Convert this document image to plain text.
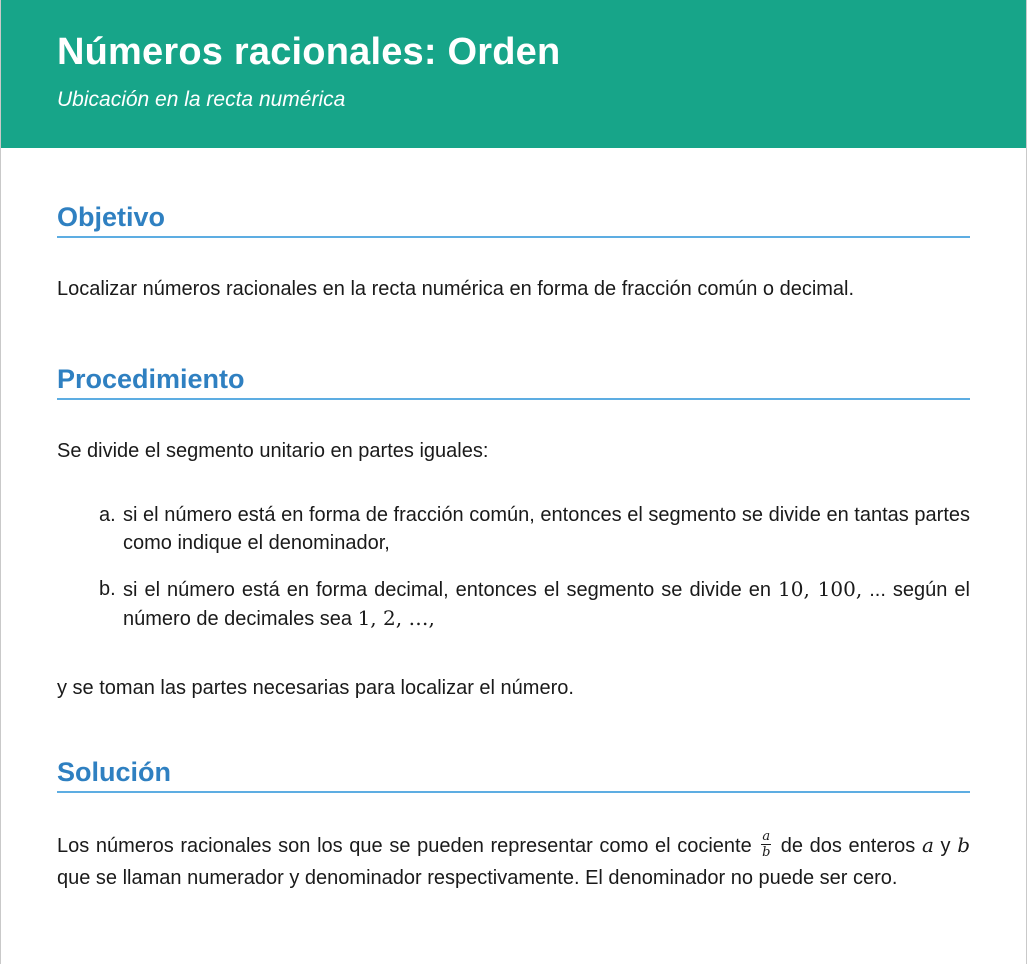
Números racionales: Orden
Ubicación en la recta numérica
Objetivo

Localizar números racionales en la recta numérica en forma de fracción común o decimal.

Procedimiento

Se divide el segmento unitario en partes iguales:

a. si el número está en forma de fracción común, entonces el segmento se divide en tantas partes como indique el denominador,
b. si el número está en forma decimal, entonces el segmento se divide en 10, 100, ... según el número de decimales sea 1, 2, …,

y se toman las partes necesarias para localizar el número.

Solución

Los números racionales son los que se pueden representar como el cociente $\frac{a}{b}$ de dos enteros a y b que se llaman numerador y denominador respectivamente. El denominador no puede ser cero.
